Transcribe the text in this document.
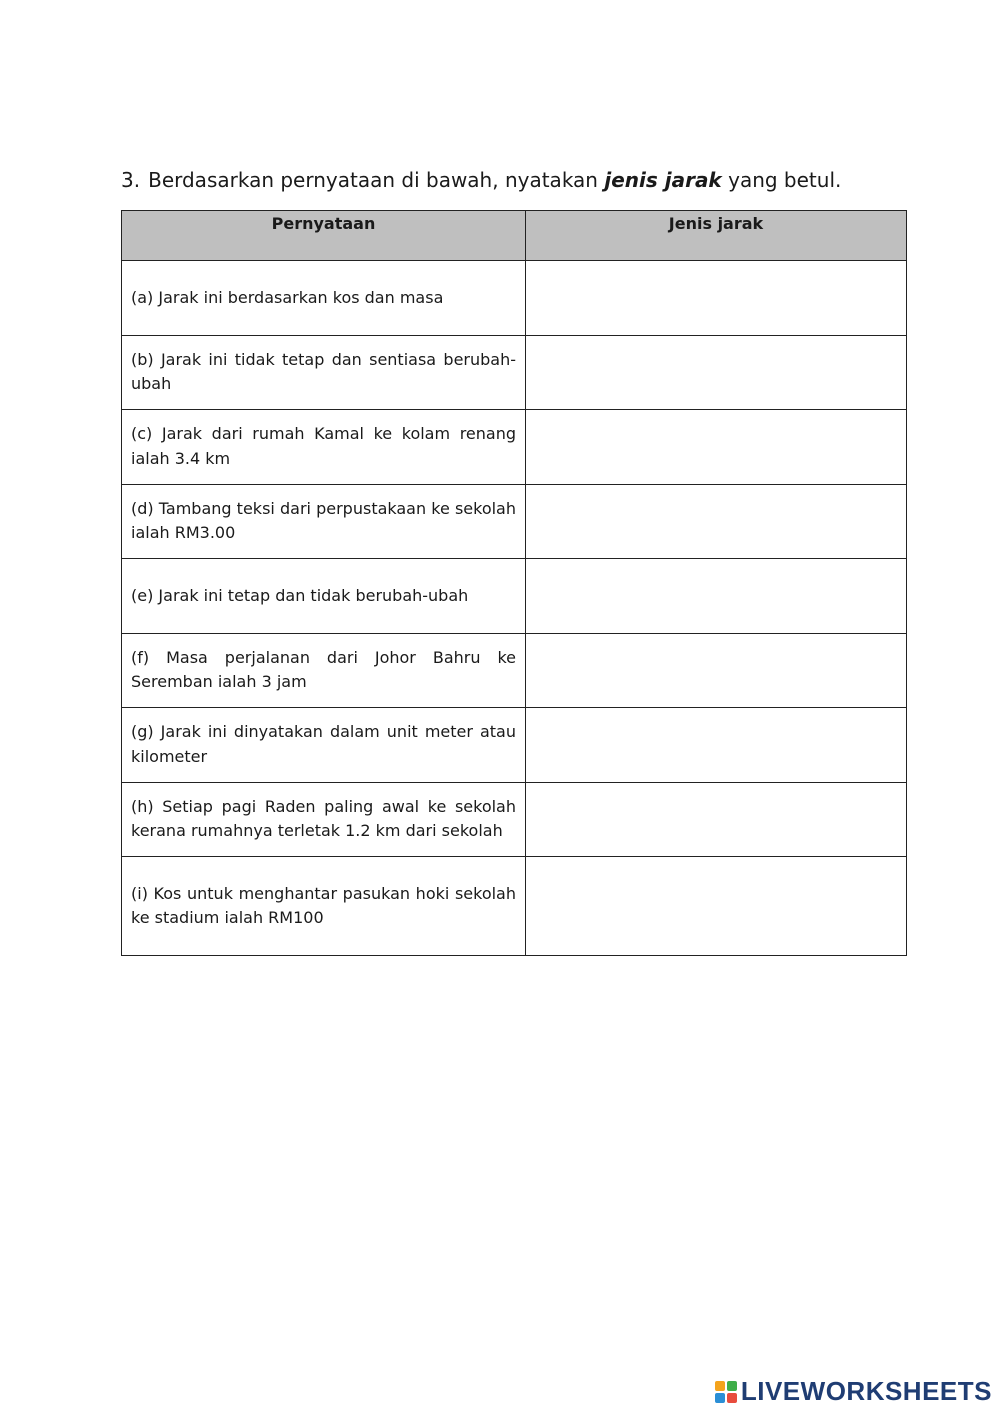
3. Berdasarkan pernyataan di bawah, nyatakan jenis jarak yang betul.
Pernyataan	Jenis jarak
(a) Jarak ini berdasarkan kos dan masa	
(b) Jarak ini tidak tetap dan sentiasa berubah-ubah	
(c) Jarak dari rumah Kamal ke kolam renang ialah 3.4 km	
(d) Tambang teksi dari perpustakaan ke sekolah ialah RM3.00	
(e) Jarak ini tetap dan tidak berubah-ubah	
(f) Masa perjalanan dari Johor Bahru ke Seremban ialah 3 jam	
(g) Jarak ini dinyatakan dalam unit meter atau kilometer	
(h) Setiap pagi Raden paling awal ke sekolah kerana rumahnya terletak 1.2 km dari sekolah	
(i) Kos untuk menghantar pasukan hoki sekolah ke stadium ialah RM100	
LIVEWORKSHEETS
